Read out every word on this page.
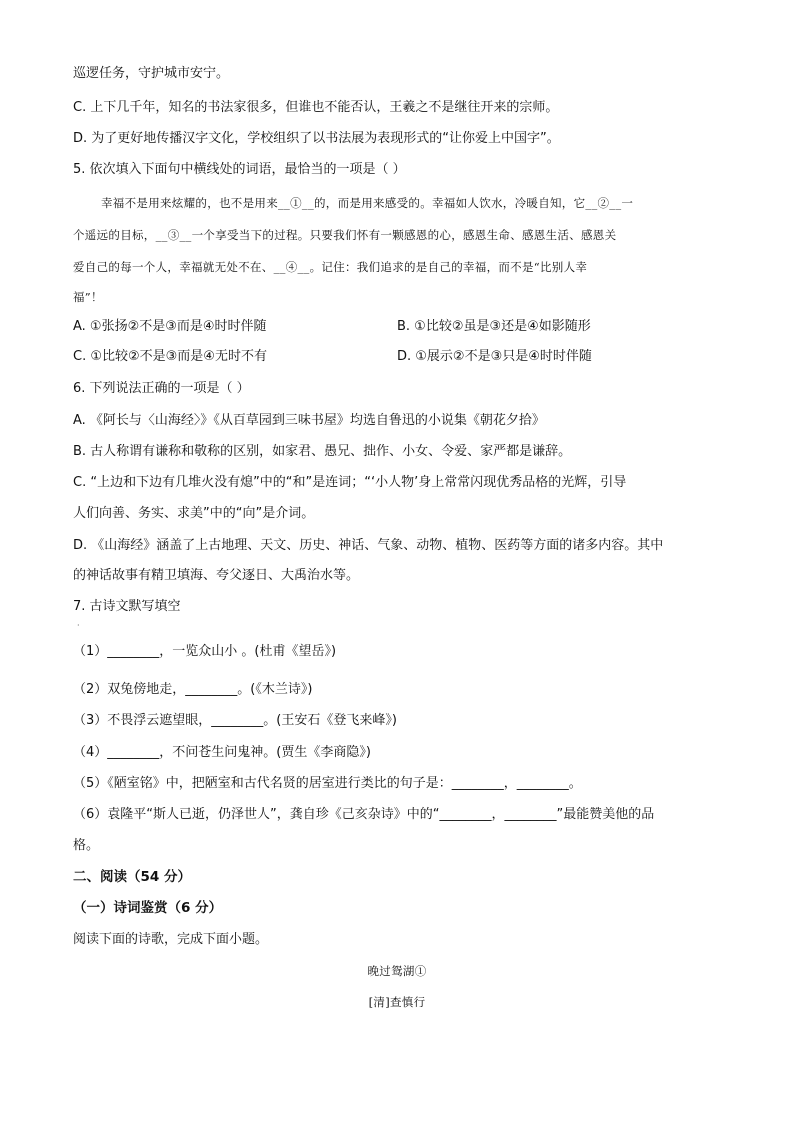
巡逻任务，守护城市安宁。
C. 上下几千年，知名的书法家很多，但谁也不能否认，王羲之不是继往开来的宗师。
D. 为了更好地传播汉字文化，学校组织了以书法展为表现形式的“让你爱上中国字”。
5. 依次填入下面句中横线处的词语，最恰当的一项是（ ）
幸福不是用来炫耀的，也不是用来__①__的，而是用来感受的。幸福如人饮水，冷暖自知，它__②__一
个遥远的目标，__③__一个享受当下的过程。只要我们怀有一颗感恩的心，感恩生命、感恩生活、感恩关
爱自己的每一个人，幸福就无处不在、__④__。记住：我们追求的是自己的幸福，而不是“比别人幸
福”！
A. ①张扬②不是③而是④时时伴随	B. ①比较②虽是③还是④如影随形
C. ①比较②不是③而是④无时不有	D. ①展示②不是③只是④时时伴随
6. 下列说法正确的一项是（ ）
A. 《阿长与〈山海经〉》《从百草园到三味书屋》均选自鲁迅的小说集《朝花夕拾》
B. 古人称谓有谦称和敬称的区别，如家君、愚兄、拙作、小女、令爱、家严都是谦辞。
C. “上边和下边有几堆火没有熄”中的“和”是连词；“‘小人物’身上常常闪现优秀品格的光辉，引导
人们向善、务实、求美”中的“向”是介词。
D. 《山海经》涵盖了上古地理、天文、历史、神话、气象、动物、植物、医药等方面的诸多内容。其中
的神话故事有精卫填海、夸父逐日、大禹治水等。
7. 古诗文默写填空
·
（1）________，一览众山小 。(杜甫《望岳》)
（2）双兔傍地走，________。(《木兰诗》)
（3）不畏浮云遮望眼，________。(王安石《登飞来峰》)
（4）________，不问苍生问鬼神。(贾生《李商隐》)
（5）《陋室铭》中，把陋室和古代名贤的居室进行类比的句子是：________，________。
（6）袁隆平“斯人已逝，仍泽世人”，龚自珍《己亥杂诗》中的“________，________”最能赞美他的品
格。
二、阅读（54 分）
（一）诗词鉴赏（6 分）
阅读下面的诗歌，完成下面小题。
晚过鸳湖①
[清]查慎行
